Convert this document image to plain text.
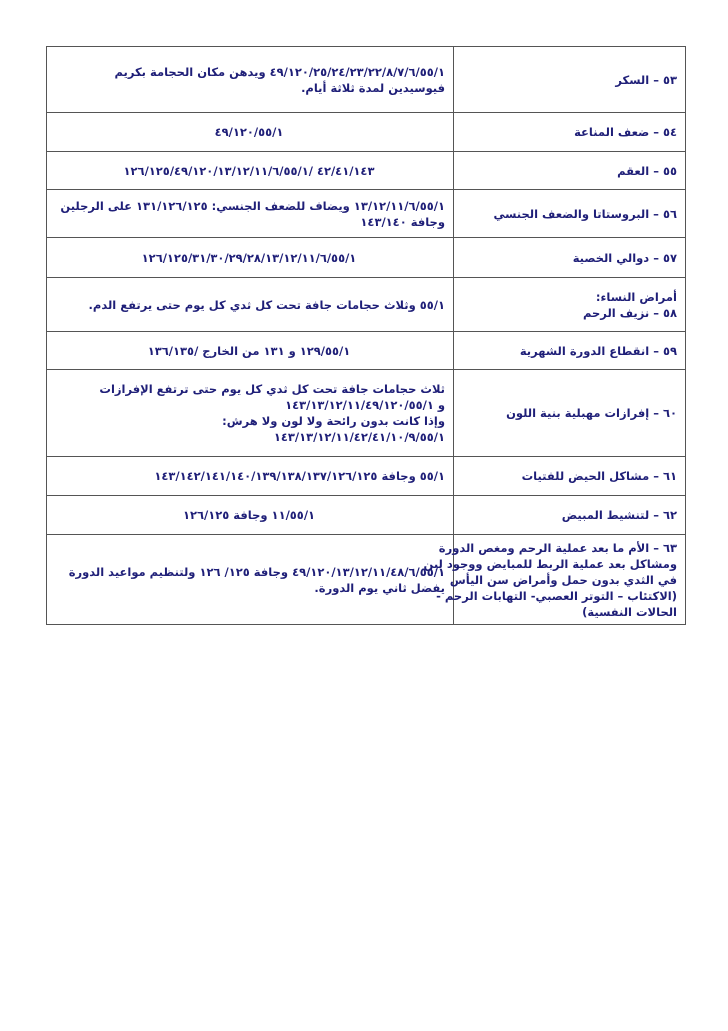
٥٣ – السكر	٤٩/١٢٠/٢٥/٢٤/٢٣/٢٢/٨/٧/٦/٥٥/١ ويدهن مكان الحجامة بكريم
فيوسيدين لمدة ثلاثة أيام.

٥٤ – ضعف المناعة	٤٩/١٢٠/٥٥/١

٥٥ – العقم	٤٢/٤١/١٤٣ /١٢٦/١٢٥/٤٩/١٢٠/١٣/١٢/١١/٦/٥٥/١

٥٦ – البروستاتا والضعف الجنسي	١٣/١٢/١١/٦/٥٥/١ ويضاف للضعف الجنسي: ١٣١/١٢٦/١٢٥ على الرجلين
وجافة ١٤٣/١٤٠

٥٧ – دوالي الخصية	١٢٦/١٢٥/٣١/٣٠/٢٩/٢٨/١٣/١٢/١١/٦/٥٥/١

أمراض النساء:
٥٨ – نزيف الرحم	٥٥/١ وثلاث حجامات جافة تحت كل ثدي كل يوم حتى يرتفع الدم.

٥٩ – انقطاع الدورة الشهرية	١٢٩/٥٥/١ و ١٣١ من الخارج /١٣٦/١٣٥

٦٠ – إفرازات مهبلية بنية اللون	ثلاث حجامات جافة تحت كل ثدي كل يوم حتى ترتفع الإفرازات
و ١٤٣/١٣/١٢/١١/٤٩/١٢٠/٥٥/١
وإذا كانت بدون رائحة ولا لون ولا هرش:
١٤٣/١٣/١٢/١١/٤٢/٤١/١٠/٩/٥٥/١

٦١ – مشاكل الحيض للفتيات	٥٥/١ وجافة ١٤٣/١٤٢/١٤١/١٤٠/١٣٩/١٣٨/١٣٧/١٢٦/١٢٥

٦٢ – لتنشيط المبيض	١١/٥٥/١ وجافة ١٢٦/١٢٥

٦٣ – الأم ما بعد عملية الرحم ومغص الدورة
ومشاكل بعد عملية الربط للمبايض ووجود لبن
في الثدي بدون حمل وأمراض سن اليأس
(الاكتئاب – التوتر العصبي- التهابات الرحم -
الحالات النفسية)	٤٩/١٢٠/١٣/١٢/١١/٤٨/٦/٥٥/١ وجافة ١٢٥/ ١٢٦ ولتنظيم مواعيد الدورة
يفضل ثاني يوم الدورة.
